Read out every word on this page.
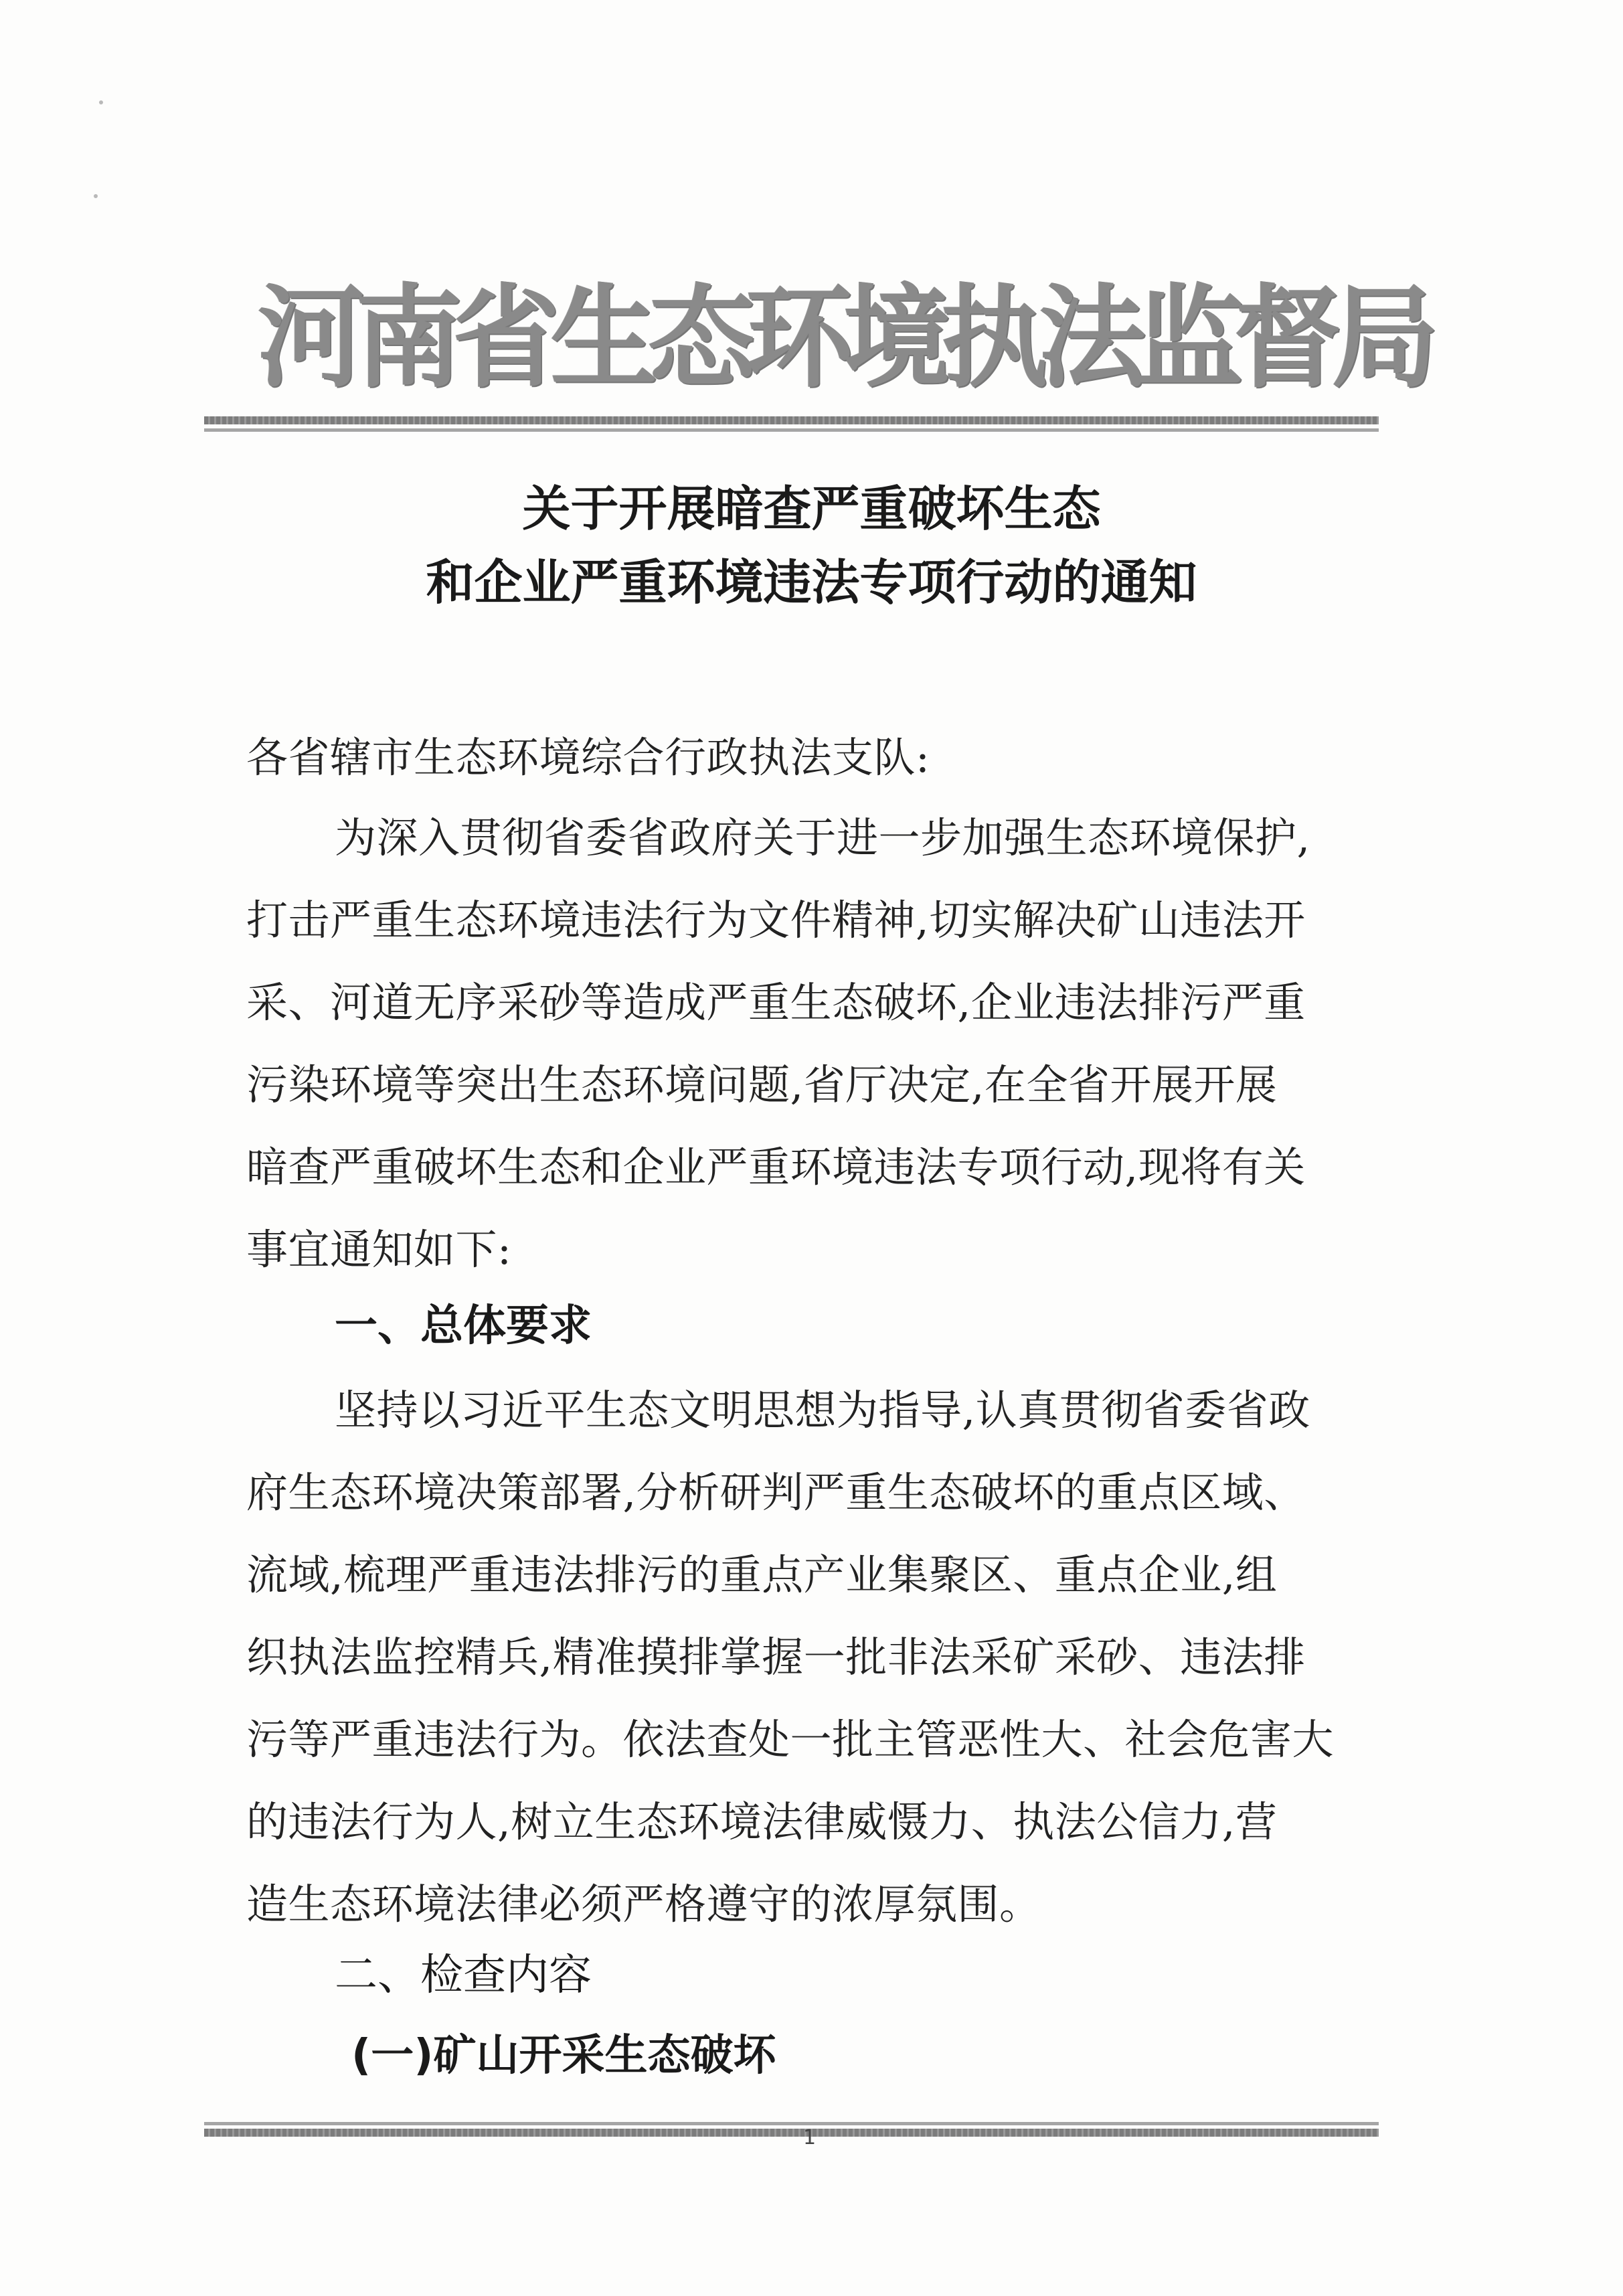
河南省生态环境执法监督局
关于开展暗查严重破坏生态
和企业严重环境违法专项行动的通知
各省辖市生态环境综合行政执法支队:
为深入贯彻省委省政府关于进一步加强生态环境保护,
打击严重生态环境违法行为文件精神,切实解决矿山违法开
采、河道无序采砂等造成严重生态破坏,企业违法排污严重
污染环境等突出生态环境问题,省厅决定,在全省开展开展
暗查严重破坏生态和企业严重环境违法专项行动,现将有关
事宜通知如下:
一、总体要求
坚持以习近平生态文明思想为指导,认真贯彻省委省政
府生态环境决策部署,分析研判严重生态破坏的重点区域、
流域,梳理严重违法排污的重点产业集聚区、重点企业,组
织执法监控精兵,精准摸排掌握一批非法采矿采砂、违法排
污等严重违法行为。依法查处一批主管恶性大、社会危害大
的违法行为人,树立生态环境法律威慑力、执法公信力,营
造生态环境法律必须严格遵守的浓厚氛围。
二、检查内容
(一)矿山开采生态破坏
1
